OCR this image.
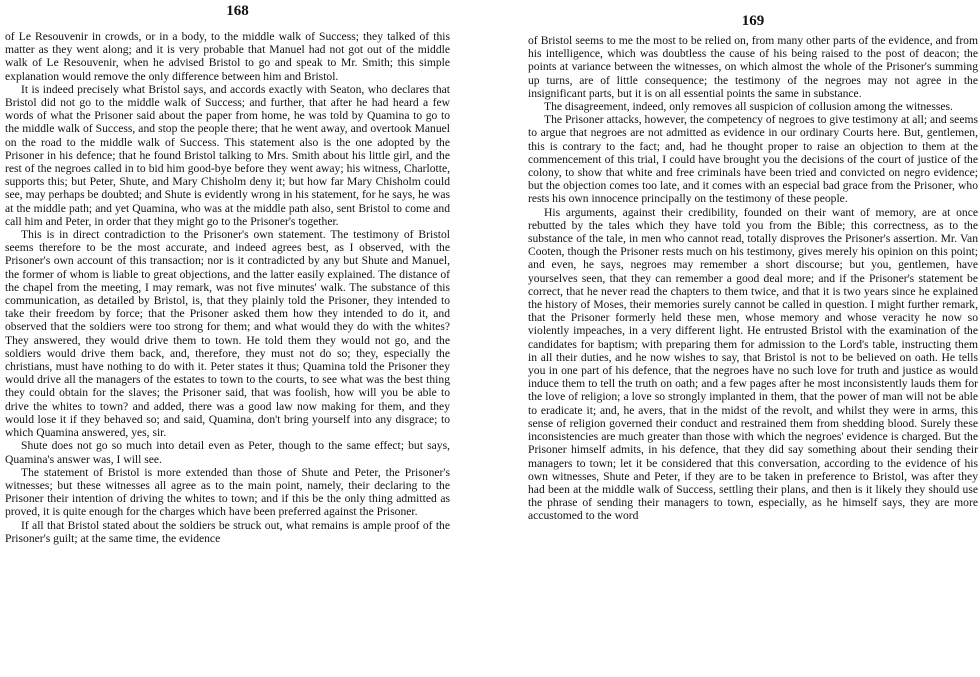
168

of Le Resouvenir in crowds, or in a body, to the middle walk of Success; they talked of this matter as they went along; and it is very probable that Manuel had not got out of the middle walk of Le Resouvenir, when he advised Bristol to go and speak to Mr. Smith; this simple explanation would remove the only difference between him and Bristol.

It is indeed precisely what Bristol says, and accords exactly with Seaton, who declares that Bristol did not go to the middle walk of Success; and further, that after he had heard a few words of what the Prisoner said about the paper from home, he was told by Quamina to go to the middle walk of Success, and stop the people there; that he went away, and overtook Manuel on the road to the middle walk of Success. This statement also is the one adopted by the Prisoner in his defence; that he found Bristol talking to Mrs. Smith about his little girl, and the rest of the negroes called in to bid him good-bye before they went away; his witness, Charlotte, supports this; but Peter, Shute, and Mary Chisholm deny it; but how far Mary Chisholm could see, may perhaps be doubted; and Shute is evidently wrong in his statement, for he says, he was at the middle path; and yet Quamina, who was at the middle path also, sent Bristol to come and call him and Peter, in order that they might go to the Prisoner's together.

This is in direct contradiction to the Prisoner's own statement. The testimony of Bristol seems therefore to be the most accurate, and indeed agrees best, as I observed, with the Prisoner's own account of this transaction; nor is it contradicted by any but Shute and Manuel, the former of whom is liable to great objections, and the latter easily explained. The distance of the chapel from the meeting, I may remark, was not five minutes' walk. The substance of this communication, as detailed by Bristol, is, that they plainly told the Prisoner, they intended to take their freedom by force; that the Prisoner asked them how they intended to do it, and observed that the soldiers were too strong for them; and what would they do with the whites? They answered, they would drive them to town. He told them they would not go, and the soldiers would drive them back, and, therefore, they must not do so; they, especially the christians, must have nothing to do with it. Peter states it thus; Quamina told the Prisoner they would drive all the managers of the estates to town to the courts, to see what was the best thing they could obtain for the slaves; the Prisoner said, that was foolish, how will you be able to drive the whites to town? and added, there was a good law now making for them, and they would lose it if they behaved so; and said, Quamina, don't bring yourself into any disgrace; to which Quamina answered, yes, sir.

Shute does not go so much into detail even as Peter, though to the same effect; but says, Quamina's answer was, I will see.

The statement of Bristol is more extended than those of Shute and Peter, the Prisoner's witnesses; but these witnesses all agree as to the main point, namely, their declaring to the Prisoner their intention of driving the whites to town; and if this be the only thing admitted as proved, it is quite enough for the charges which have been preferred against the Prisoner.

If all that Bristol stated about the soldiers be struck out, what remains is ample proof of the Prisoner's guilt; at the same time, the evidence

169

of Bristol seems to me the most to be relied on, from many other parts of the evidence, and from his intelligence, which was doubtless the cause of his being raised to the post of deacon; the points at variance between the witnesses, on which almost the whole of the Prisoner's summing up turns, are of little consequence; the testimony of the negroes may not agree in the insignificant parts, but it is on all essential points the same in substance.

The disagreement, indeed, only removes all suspicion of collusion among the witnesses.

The Prisoner attacks, however, the competency of negroes to give testimony at all; and seems to argue that negroes are not admitted as evidence in our ordinary Courts here. But, gentlemen, this is contrary to the fact; and, had he thought proper to raise an objection to them at the commencement of this trial, I could have brought you the decisions of the court of justice of the colony, to show that white and free criminals have been tried and convicted on negro evidence; but the objection comes too late, and it comes with an especial bad grace from the Prisoner, who rests his own innocence principally on the testimony of these people.

His arguments, against their credibility, founded on their want of memory, are at once rebutted by the tales which they have told you from the Bible; this correctness, as to the substance of the tale, in men who cannot read, totally disproves the Prisoner's assertion. Mr. Van Cooten, though the Prisoner rests much on his testimony, gives merely his opinion on this point; and even, he says, negroes may remember a short discourse; but you, gentlemen, have yourselves seen, that they can remember a good deal more; and if the Prisoner's statement be correct, that he never read the chapters to them twice, and that it is two years since he explained the history of Moses, their memories surely cannot be called in question. I might further remark, that the Prisoner formerly held these men, whose memory and whose veracity he now so violently impeaches, in a very different light. He entrusted Bristol with the examination of the candidates for baptism; with preparing them for admission to the Lord's table, instructing them in all their duties, and he now wishes to say, that Bristol is not to be believed on oath. He tells you in one part of his defence, that the negroes have no such love for truth and justice as would induce them to tell the truth on oath; and a few pages after he most inconsistently lauds them for the love of religion; a love so strongly implanted in them, that the power of man will not be able to eradicate it; and, he avers, that in the midst of the revolt, and whilst they were in arms, this sense of religion governed their conduct and restrained them from shedding blood. Surely these inconsistencies are much greater than those with which the negroes' evidence is charged. But the Prisoner himself admits, in his defence, that they did say something about their sending their managers to town; let it be considered that this conversation, according to the evidence of his own witnesses, Shute and Peter, if they are to be taken in preference to Bristol, was after they had been at the middle walk of Success, settling their plans, and then is it likely they should use the phrase of sending their managers to town, especially, as he himself says, they are more accustomed to the word
